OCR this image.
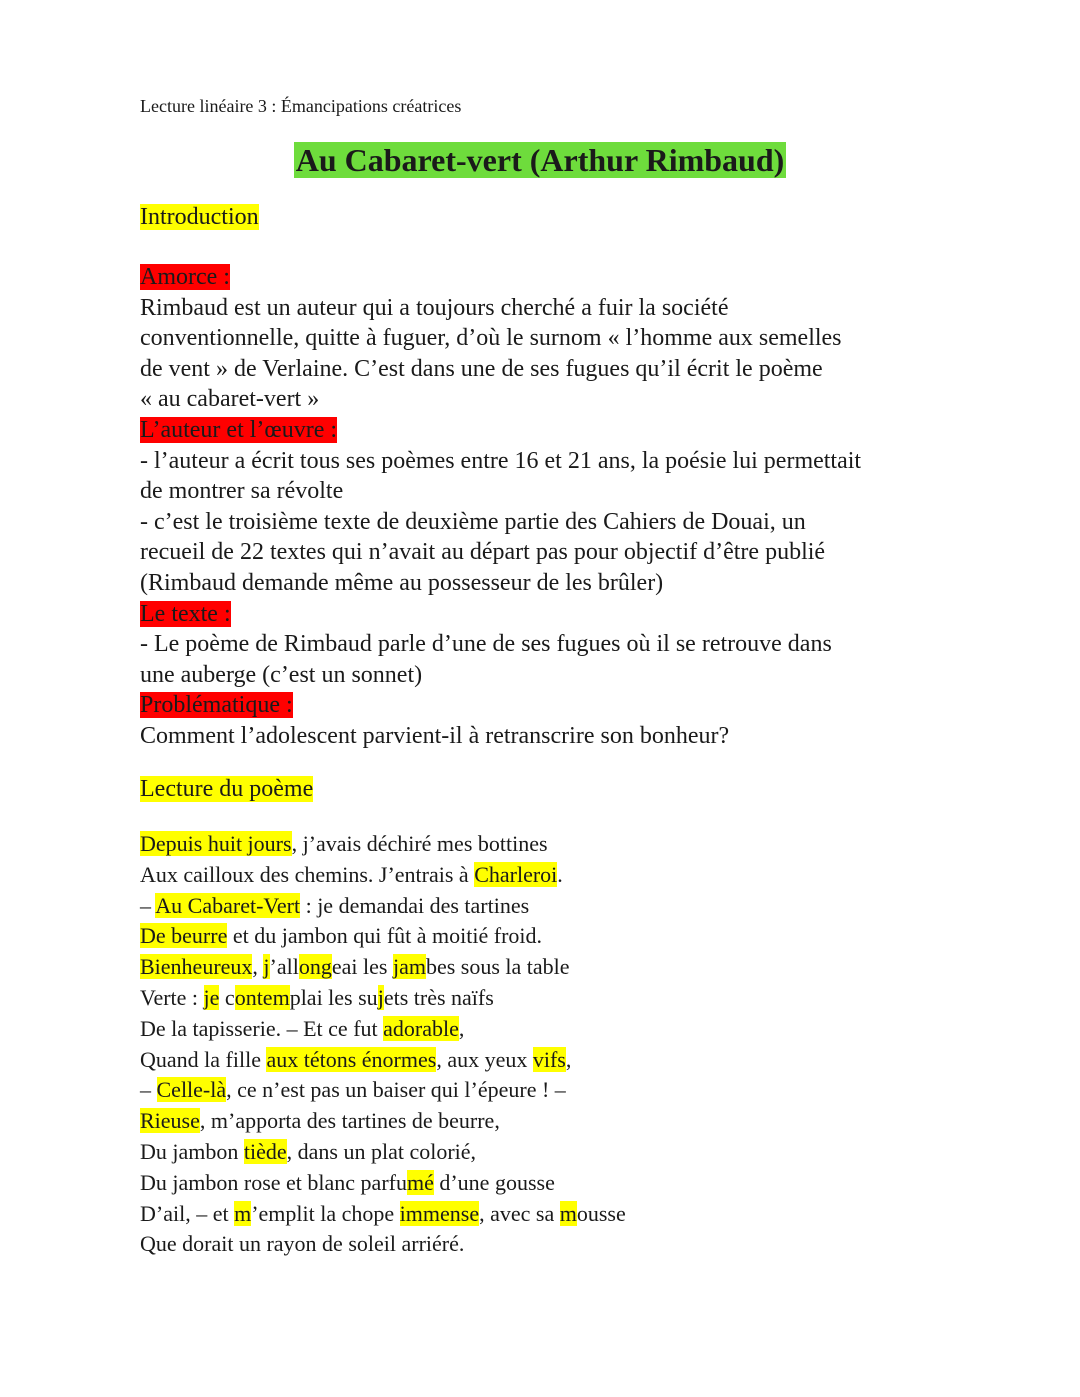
Lecture linéaire 3 : Émancipations créatrices
Au Cabaret-vert (Arthur Rimbaud)
Introduction
Amorce :
Rimbaud est un auteur qui a toujours cherché a fuir la société
conventionnelle, quitte à fuguer, d’où le surnom « l’homme aux semelles
de vent » de Verlaine. C’est dans une de ses fugues qu’il écrit le poème
« au cabaret-vert »
L’auteur et l’œuvre :
- l’auteur a écrit tous ses poèmes entre 16 et 21 ans, la poésie lui permettait
de montrer sa révolte
- c’est le troisième texte de deuxième partie des Cahiers de Douai, un
recueil de 22 textes qui n’avait au départ pas pour objectif d’être publié
(Rimbaud demande même au possesseur de les brûler)
Le texte :
- Le poème de Rimbaud parle d’une de ses fugues où il se retrouve dans
une auberge (c’est un sonnet)
Problématique :
Comment l’adolescent parvient-il à retranscrire son bonheur?
Lecture du poème
Depuis huit jours, j’avais déchiré mes bottines
Aux cailloux des chemins. J’entrais à Charleroi.
– Au Cabaret-Vert : je demandai des tartines
De beurre et du jambon qui fût à moitié froid.
Bienheureux, j’allongeai les jambes sous la table
Verte : je contemplai les sujets très naïfs
De la tapisserie. – Et ce fut adorable,
Quand la fille aux tétons énormes, aux yeux vifs,
– Celle-là, ce n’est pas un baiser qui l’épeure ! –
Rieuse, m’apporta des tartines de beurre,
Du jambon tiède, dans un plat colorié,
Du jambon rose et blanc parfumé d’une gousse
D’ail, – et m’emplit la chope immense, avec sa mousse
Que dorait un rayon de soleil arriéré.
